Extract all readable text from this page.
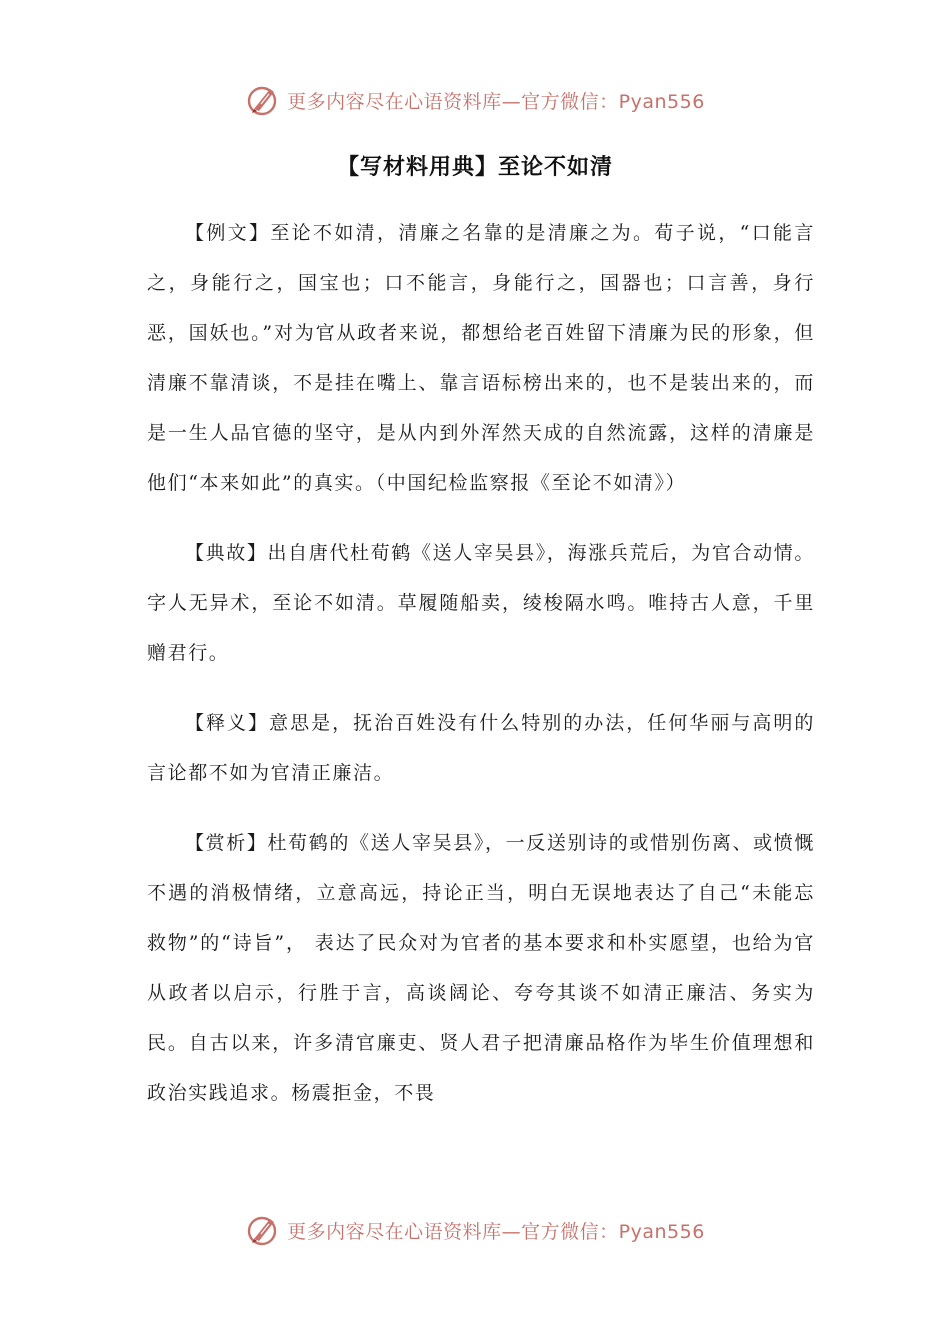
更多内容尽在心语资料库—官方微信：Pyan556
【写材料用典】至论不如清

【例文】至论不如清，清廉之名靠的是清廉之为。荀子说，“口能言之，身能行之，国宝也；口不能言，身能行之，国器也；口言善，身行恶，国妖也。”对为官从政者来说，都想给老百姓留下清廉为民的形象，但清廉不靠清谈，不是挂在嘴上、靠言语标榜出来的，也不是装出来的，而是一生人品官德的坚守，是从内到外浑然天成的自然流露，这样的清廉是他们“本来如此”的真实。（中国纪检监察报《至论不如清》）

【典故】出自唐代杜荀鹤《送人宰吴县》，海涨兵荒后，为官合动情。字人无异术，至论不如清。草履随船卖，绫梭隔水鸣。唯持古人意，千里赠君行。

【释义】意思是，抚治百姓没有什么特别的办法，任何华丽与高明的言论都不如为官清正廉洁。

【赏析】杜荀鹤的《送人宰吴县》，一反送别诗的或惜别伤离、或愤慨不遇的消极情绪，立意高远，持论正当，明白无误地表达了自己“未能忘救物”的“诗旨”， 表达了民众对为官者的基本要求和朴实愿望，也给为官从政者以启示，行胜于言，高谈阔论、夸夸其谈不如清正廉洁、务实为民。自古以来，许多清官廉吏、贤人君子把清廉品格作为毕生价值理想和政治实践追求。杨震拒金，不畏

更多内容尽在心语资料库—官方微信：Pyan556
